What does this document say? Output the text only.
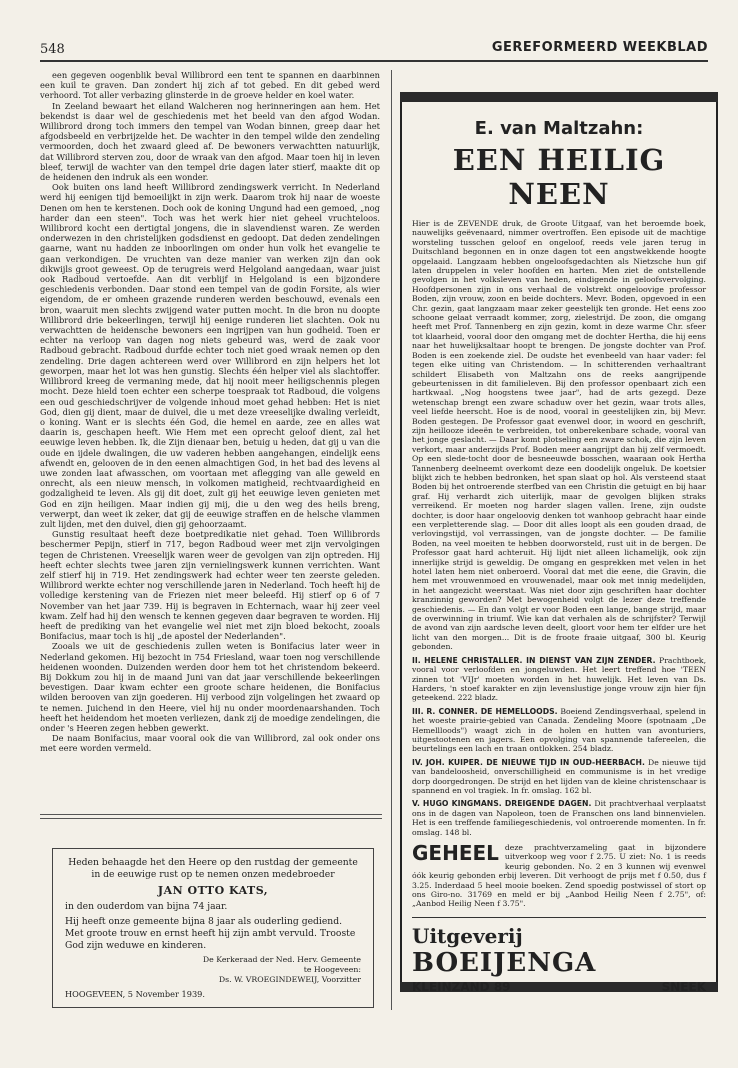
548	GEREFORMEERD WEEKBLAD

een gegeven oogenblik beval Willibrord een tent te spannen en daarbinnen een kuil te graven. Dan zondert hij zich af tot gebed. En dit gebed werd verhoord. Tot aller verbazing glinsterde in de groeve helder en koel water.

In Zeeland bewaart het eiland Walcheren nog herinneringen aan hem. Het bekendst is daar wel de geschiedenis met het beeld van den afgod Wodan. Willibrord drong toch immers den tempel van Wodan binnen, greep daar het afgodsbeeld en verbrijzelde het. De wachter in den tempel wilde den zendeling vermoorden, doch het zwaard gleed af. De bewoners verwachtten natuurlijk, dat Willibrord sterven zou, door de wraak van den afgod. Maar toen hij in leven bleef, terwijl de wachter van den tempel drie dagen later stierf, maakte dit op de heidenen den indruk als een wonder.

Ook buiten ons land heeft Willibrord zendingswerk verricht. In Nederland werd hij eenigen tijd bemoeilijkt in zijn werk. Daarom trok hij naar de woeste Denen om hen te kerstenen. Doch ook de koning Ungund had een gemoed, „nog harder dan een steen". Toch was het werk hier niet geheel vruchteloos. Willibrord kocht een dertigtal jongens, die in slavendienst waren. Ze werden onderwezen in den christelijken godsdienst en gedoopt. Dat deden zendelingen gaarne, want nu hadden ze inboorlingen om onder hun volk het evangelie te gaan verkondigen. De vruchten van deze manier van werken zijn dan ook dikwijls groot geweest. Op de terugreis werd Helgoland aangedaan, waar juist ook Radboud vertoefde. Aan dit verblijf in Helgoland is een bijzondere geschiedenis verbonden. Daar stond een tempel van de godin Forsite, als wier eigendom, de er omheen grazende runderen werden beschouwd, evenals een bron, waaruit men slechts zwijgend water putten mocht. In die bron nu doopte Willibrord drie bekeerlingen, terwijl hij eenige runderen liet slachten. Ook nu verwachtten de heidensche bewoners een ingrijpen van hun godheid. Toen er echter na verloop van dagen nog niets gebeurd was, werd de zaak voor Radboud gebracht. Radboud durfde echter toch niet goed wraak nemen op den zendeling. Drie dagen achtereen werd over Willibrord en zijn helpers het lot geworpen, maar het lot was hen gunstig. Slechts één helper viel als slachtoffer. Willibrord kreeg de vermaning mede, dat hij nooit meer heiligschennis plegen mocht. Deze hield toen echter een scherpe toespraak tot Radboud, die volgens een oud geschiedschrijver de volgende inhoud moet gehad hebben: Het is niet God, dien gij dient, maar de duivel, die u met deze vreeselijke dwaling verleidt, o koning. Want er is slechts één God, die hemel en aarde, zee en alles wat daarin is, geschapen heeft. Wie Hem met een oprecht geloof dient, zal het eeuwige leven hebben. Ik, die Zijn dienaar ben, betuig u heden, dat gij u van die oude en ijdele dwalingen, die uw vaderen hebben aangehangen, eindelijk eens afwendt en, gelooven de in den eenen almachtigen God, in het bad des levens al uwe zonden laat afwasschen, om voortaan met aflegging van alle geweld en onrecht, als een nieuw mensch, in volkomen matigheid, rechtvaardigheid en godzaligheid te leven. Als gij dit doet, zult gij het eeuwige leven genieten met God en zijn heiligen. Maar indien gij mij, die u den weg des heils breng, verwerpt, dan weet ik zeker, dat gij de eeuwige straffen en de helsche vlammen zult lijden, met den duivel, dien gij gehoorzaamt.

Gunstig resultaat heeft deze boetpredikatie niet gehad. Toen Willibrords beschermer Pepijn, stierf in 717, begon Radboud weer met zijn vervolgingen tegen de Christenen. Vreeselijk waren weer de gevolgen van zijn optreden. Hij heeft echter slechts twee jaren zijn vernielingswerk kunnen verrichten. Want zelf stierf hij in 719. Het zendingswerk had echter weer ten zeerste geleden. Willibrord werkte echter nog verschillende jaren in Nederland. Toch heeft hij de volledige kerstening van de Friezen niet meer beleefd. Hij stierf op 6 of 7 November van het jaar 739. Hij is begraven in Echternach, waar hij zeer veel kwam. Zelf had hij den wensch te kennen gegeven daar begraven te worden. Hij heeft de prediking van het evangelie wel niet met zijn bloed bekocht, zooals Bonifacius, maar toch is hij „de apostel der Nederlanden".

Zooals we uit de geschiedenis zullen weten is Bonifacius later weer in Nederland gekomen. Hij bezocht in 754 Friesland, waar toen nog verschillende heidenen woonden. Duizenden werden door hem tot het christendom bekeerd. Bij Dokkum zou hij in de maand Juni van dat jaar verschillende bekeerlingen bevestigen. Daar kwam echter een groote schare heidenen, die Bonifacius wilden berooven van zijn goederen. Hij verbood zijn volgelingen het zwaard op te nemen. Juichend in den Heere, viel hij nu onder moordenaarshanden. Toch heeft het heidendom het moeten verliezen, dank zij de moedige zendelingen, die onder 's Heeren zegen hebben gewerkt.

De naam Bonifacius, maar vooral ook die van Willibrord, zal ook onder ons met eere worden vermeld.

Heden behaagde het den Heere op den rustdag der gemeente in de eeuwige rust op te nemen onzen medebroeder
JAN OTTO KATS,
in den ouderdom van bijna 74 jaar.
Hij heeft onze gemeente bijna 8 jaar als ouderling gediend. Met groote trouw en ernst heeft hij zijn ambt vervuld. Trooste God zijn weduwe en kinderen.
De Kerkeraad der Ned. Herv. Gemeente
te Hoogeveen:
Ds. W. VROEGINDEWEIJ, Voorzitter
HOOGEVEEN, 5 November 1939.
E. van Maltzahn:
EEN HEILIG NEEN

Hier is de ZEVENDE druk, de Groote Uitgaaf, van het beroemde boek, nauwelijks geëvenaard, nimmer overtroffen. Een episode uit de machtige worsteling tusschen geloof en ongeloof, reeds vele jaren terug in Duitschland begonnen en in onze dagen tot een angstwekkende hoogte opgelaaid. Langzaam hebben ongeloofsgedachten als Nietzsche hun gif laten druppelen in veler hoofden en harten. Men ziet de ontstellende gevolgen in het volksleven van heden, eindigende in geloofsvervolging. Hoofdpersonen zijn in ons verhaal de volstrekt ongeloovige professor Boden, zijn vrouw, zoon en beide dochters. Mevr. Boden, opgevoed in een Chr. gezin, gaat langzaam maar zeker geestelijk ten gronde. Het eens zoo schoone gelaat verraadt kommer, zorg, zielestrijd. De zoon, die omgang heeft met Prof. Tannenberg en zijn gezin, komt in deze warme Chr. sfeer tot klaarheid, vooral door den omgang met de dochter Hertha, die hij eens naar het huwelijksaltaar hoopt te brengen. De jongste dochter van Prof. Boden is een zoekende ziel. De oudste het evenbeeld van haar vader: fel tegen elke uiting van Christendom. — In schitterenden verhaaltrant schildert Elisabeth von Maltzahn ons de reeks aangrijpende gebeurtenissen in dit familieleven. Bij den professor openbaart zich een hartkwaal. „Nog hoogstens twee jaar", had de arts gezegd. Deze wetenschap brengt een zware schaduw over het gezin, waar trots alles, veel liefde heerscht. Hoe is de nood, vooral in geestelijken zin, bij Mevr. Boden gestegen. De Professor gaat evenwel door, in woord en geschrift, zijn heillooze ideeën te verbreiden, tot onberekenbare schade, vooral van het jonge geslacht. — Daar komt plotseling een zware schok, die zijn leven verkort, maar anderzijds Prof. Boden meer aangrijpt dan hij zelf vermoedt. Op een slede-tocht door de besneeuwde bosschen, waaraan ook Hertha Tannenberg deelneemt overkomt deze een doodelijk ongeluk. De koetsier blijkt zich te hebben bedronken, het span slaat op hol. Als versteend staat Boden bij het ontroerende sterfbed van een Christin die getuigt en bij haar graf. Hij verhardt zich uiterlijk, maar de gevolgen blijken straks verreikend. Er moeten nog harder slagen vallen. Irene, zijn oudste dochter, is door haar ongeloovig denken tot wanhoop gebracht haar einde een verpletterende slag. — Door dit alles loopt als een gouden draad, de verlovingstijd, vol verrassingen, van de jongste dochter. — De familie Boden, na veel moeiten te hebben doorworsteld, rust uit in de bergen. De Professor gaat hard achteruit. Hij lijdt niet alleen lichamelijk, ook zijn innerlijke strijd is geweldig. De omgang en gesprekken met velen in het hotel laten hem niet onberoerd. Vooral dat met die eene, die Gravin, die hem met vrouwenmoed en vrouwenadel, maar ook met innig medelijden, in het aangezicht weerstaat. Was niet door zijn geschriften haar dochter kranzinnig geworden? Met bewogenheid volgt de lezer deze treffende geschiedenis. — En dan volgt er voor Boden een lange, bange strijd, maar de overwinning in triumf. Wie kan dat verhalen als de schrijfster? Terwijl de avond van zijn aardsche leven deelt, gloort voor hem ter elfder ure het licht van den morgen... Dit is de froote fraaie uitgaaf, 300 bl. Keurig gebonden.

II. HELENE CHRISTALLER. IN DIENST VAN ZIJN ZENDER. Prachtboek, vooral voor verloofden en jongeluwden. Het leert treffend hoe 'TEEN zinnen tot 'VIJr' moeten worden in het huwelijk. Het leven van Ds. Harders, 'n stoef karakter en zijn levenslustige jonge vrouw zijn hier fijn geteekend. 222 bladz.

III. R. CONNER. DE HEMELLOODS. Boeiend Zendingsverhaal, spelend in het woeste prairie-gebied van Canada. Zendeling Moore (spotnaam „De Hemellloods") waagt zich in de holen en hutten van avonturiers, uitgestootenen en jagers. Een opvolging van spannende tafereelen, die beurtelings een lach en traan ontlokken. 254 bladz.

IV. JOH. KUIPER. DE NIEUWE TIJD IN OUD-HEERBACH. De nieuwe tijd van bandeloosheid, onverschilligheid en communisme is in het vredige dorp doorgedrongen. De strijd en het lijden van de kleine christenschaar is spannend en vol tragiek. In fr. omslag. 162 bl.

V. HUGO KINGMANS. DREIGENDE DAGEN. Dit prachtverhaal verplaatst ons in de dagen van Napoleon, toen de Franschen ons land binnenvielen. Het is een treffende familiegeschiedenis, vol ontroerende momenten. In fr. omslag. 148 bl.

GEHEEL deze prachtverzameling gaat in bijzondere uitverkoop weg voor f 2.75. U ziet: No. 1 is reeds keurig gebonden. No. 2 en 3 kunnen wij evenwel óók keurig gebonden erbij leveren. Dit verhoogt de prijs met f 0.50, dus f 3.25. Inderdaad 5 heel mooie boeken. Zend spoedig postwissel of stort op ons Giro-no. 31769 en meld er bij „Aanbod Heilig Neen f 2.75", of: „Aanbod Heilig Neen f 3.75".
Uitgeverij BOEIJENGA
KLEINZAND 89	SNEEK
